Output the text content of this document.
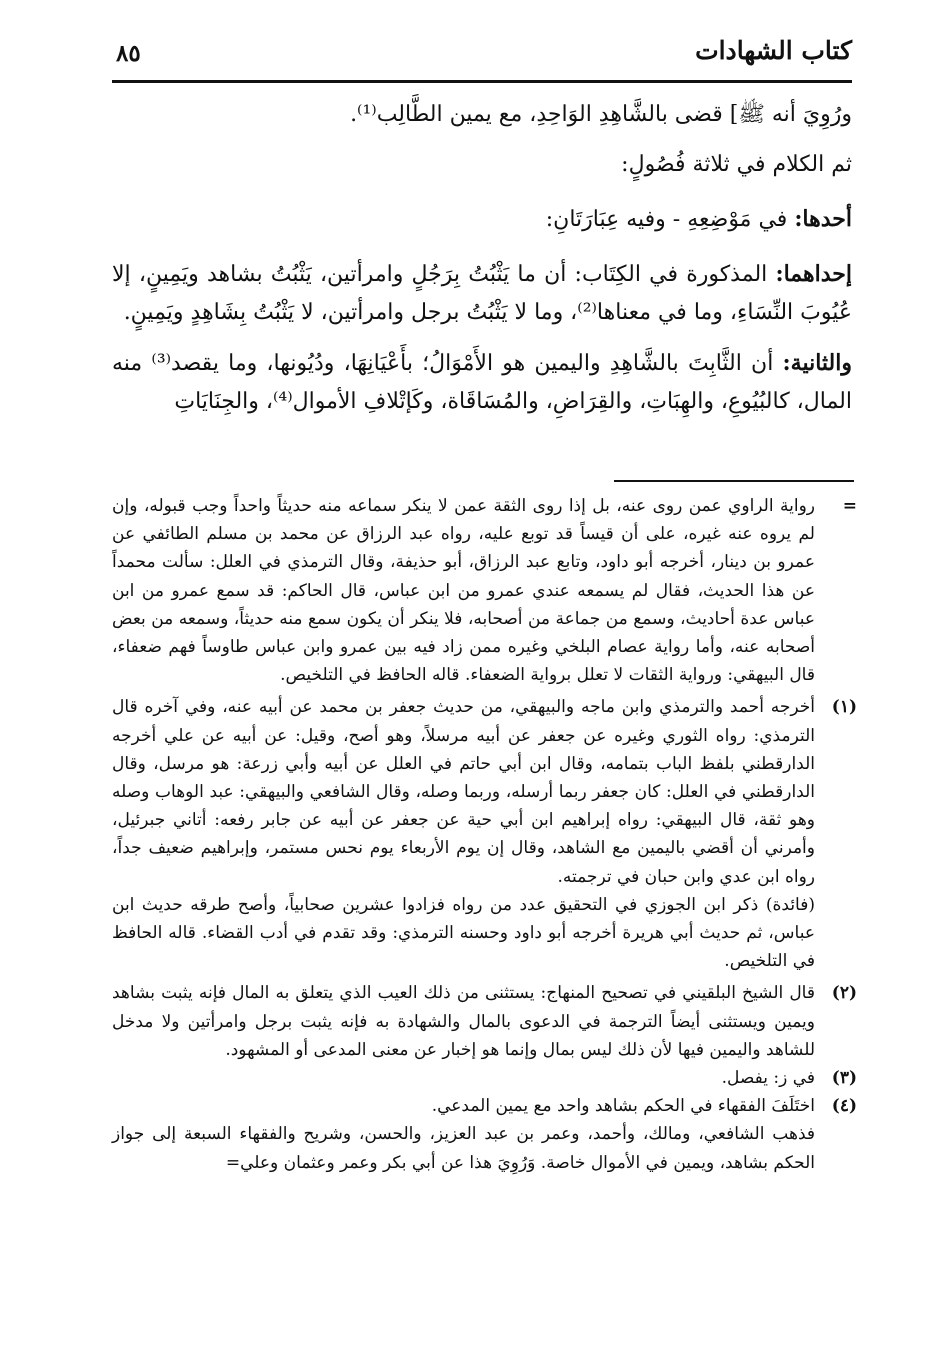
كتاب الشهادات
٨٥

ورُوِيَ أنه ﷺ] قضى بالشَّاهِدِ الوَاحِدِ، مع يمين الطَّالِب⁽¹⁾.

ثم الكلام في ثلاثة فُصُولٍ:

أحدها: في مَوْضِعِهِ - وفيه عِبَارَتَانِ:

إحداهما: المذكورة في الكِتَاب: أن ما يَثْبُتُ بِرَجُلٍ وامرأتين، يَثْبُتُ بشاهد ويَمِينٍ، إلا عُيُوبَ النِّسَاءِ، وما في معناها⁽²⁾، وما لا يَثْبُتُ برجل وامرأتين، لا يَثْبُتُ بِشَاهِدٍ ويَمِينٍ.

والثانية: أن الثَّابِتَ بالشَّاهِدِ واليمين هو الأَمْوَالُ؛ بأَعْيَانِهَا، ودُيُونها، وما يقصد⁽³⁾ منه المال، كالبُيُوعِ، والهِبَاتِ، والقِرَاضِ، والمُسَاقَاة، وكَإتْلافِ الأموال⁽⁴⁾، والجِنَايَاتِ

=
رواية الراوي عمن روى عنه، بل إذا روى الثقة عمن لا ينكر سماعه منه حديثاً واحداً وجب قبوله، وإن لم يروه عنه غيره، على أن قيساً قد توبع عليه، رواه عبد الرزاق عن محمد بن مسلم الطائفي عن عمرو بن دينار، أخرجه أبو داود، وتابع عبد الرزاق، أبو حذيفة، وقال الترمذي في العلل: سألت محمداً عن هذا الحديث، فقال لم يسمعه عندي عمرو من ابن عباس، قال الحاكم: قد سمع عمرو من ابن عباس عدة أحاديث، وسمع من جماعة من أصحابه، فلا ينكر أن يكون سمع منه حديثاً، وسمعه من بعض أصحابه عنه، وأما رواية عصام البلخي وغيره ممن زاد فيه بين عمرو وابن عباس طاوساً فهم ضعفاء، قال البيهقي: ورواية الثقات لا تعلل برواية الضعفاء. قاله الحافظ في التلخيص.
(١)
أخرجه أحمد والترمذي وابن ماجه والبيهقي، من حديث جعفر بن محمد عن أبيه عنه، وفي آخره قال الترمذي: رواه الثوري وغيره عن جعفر عن أبيه مرسلاً، وهو أصح، وقيل: عن أبيه عن علي أخرجه الدارقطني بلفظ الباب بتمامه، وقال ابن أبي حاتم في العلل عن أبيه وأبي زرعة: هو مرسل، وقال الدارقطني في العلل: كان جعفر ربما أرسله، وربما وصله، وقال الشافعي والبيهقي: عبد الوهاب وصله وهو ثقة، قال البيهقي: رواه إبراهيم ابن أبي حية عن جعفر عن أبيه عن جابر رفعه: أتاني جبرئيل، وأمرني أن أقضي باليمين مع الشاهد، وقال إن يوم الأربعاء يوم نحس مستمر، وإبراهيم ضعيف جداً، رواه ابن عدي وابن حبان في ترجمته.
(فائدة) ذكر ابن الجوزي في التحقيق عدد من رواه فزادوا عشرين صحابياً، وأصح طرقه حديث ابن عباس، ثم حديث أبي هريرة أخرجه أبو داود وحسنه الترمذي: وقد تقدم في أدب القضاء. قاله الحافظ في التلخيص.
(٢)
قال الشيخ البلقيني في تصحيح المنهاج: يستثنى من ذلك العيب الذي يتعلق به المال فإنه يثبت بشاهد ويمين ويستثنى أيضاً الترجمة في الدعوى بالمال والشهادة به فإنه يثبت برجل وامرأتين ولا مدخل للشاهد واليمين فيها لأن ذلك ليس بمال وإنما هو إخبار عن معنى المدعى أو المشهود.
(٣)
في ز: يفصل.
(٤)
اختَلَفَ الفقهاء في الحكم بشاهد واحد مع يمين المدعي.
فذهب الشافعي، ومالك، وأحمد، وعمر بن عبد العزيز، والحسن، وشريح والفقهاء السبعة إلى جواز الحكم بشاهد، ويمين في الأموال خاصة. وَرُوِيَ هذا عن أبي بكر وعمر وعثمان وعلي=
